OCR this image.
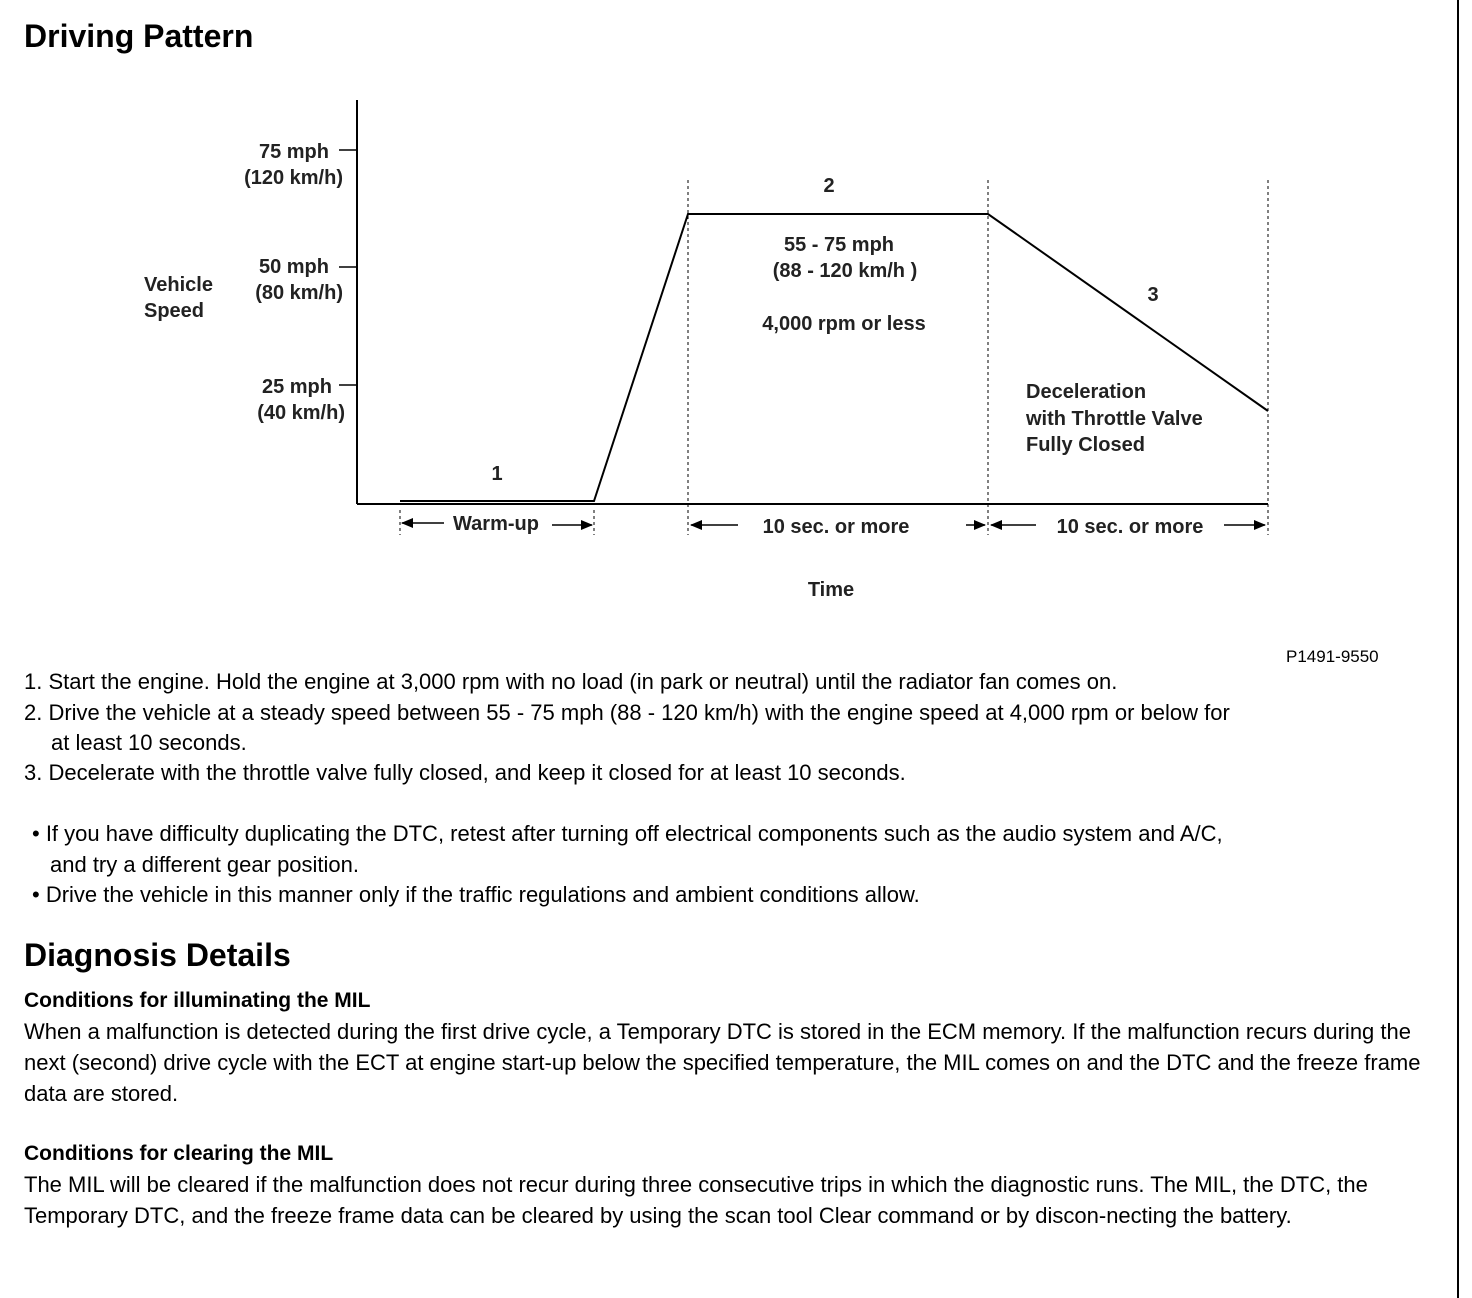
Driving Pattern
75 mph
(120 km/h)
50 mph
(80 km/h)
25 mph
(40 km/h)
Vehicle
Speed
1
2
3
55 - 75 mph
(88 - 120 km/h )
4,000 rpm or less
Deceleration
with Throttle Valve
Fully Closed
Warm-up	10 sec. or more	10 sec. or more
Time
P1491-9550
1. Start the engine. Hold the engine at 3,000 rpm with no load (in park or neutral) until the radiator fan comes on.
2. Drive the vehicle at a steady speed between 55 - 75 mph (88 - 120 km/h) with the engine speed at 4,000 rpm or below for
at least 10 seconds.
3. Decelerate with the throttle valve fully closed, and keep it closed for at least 10 seconds.
• If you have difficulty duplicating the DTC, retest after turning off electrical components such as the audio system and A/C,
and try a different gear position.
• Drive the vehicle in this manner only if the traffic regulations and ambient conditions allow.
Diagnosis Details
Conditions for illuminating the MIL
When a malfunction is detected during the first drive cycle, a Temporary DTC is stored in the ECM memory. If the malfunction recurs during the next (second) drive cycle with the ECT at engine start-up below the specified temperature, the MIL comes on and the DTC and the freeze frame data are stored.
Conditions for clearing the MIL
The MIL will be cleared if the malfunction does not recur during three consecutive trips in which the diagnostic runs. The MIL, the DTC, the Temporary DTC, and the freeze frame data can be cleared by using the scan tool Clear command or by discon-necting the battery.
